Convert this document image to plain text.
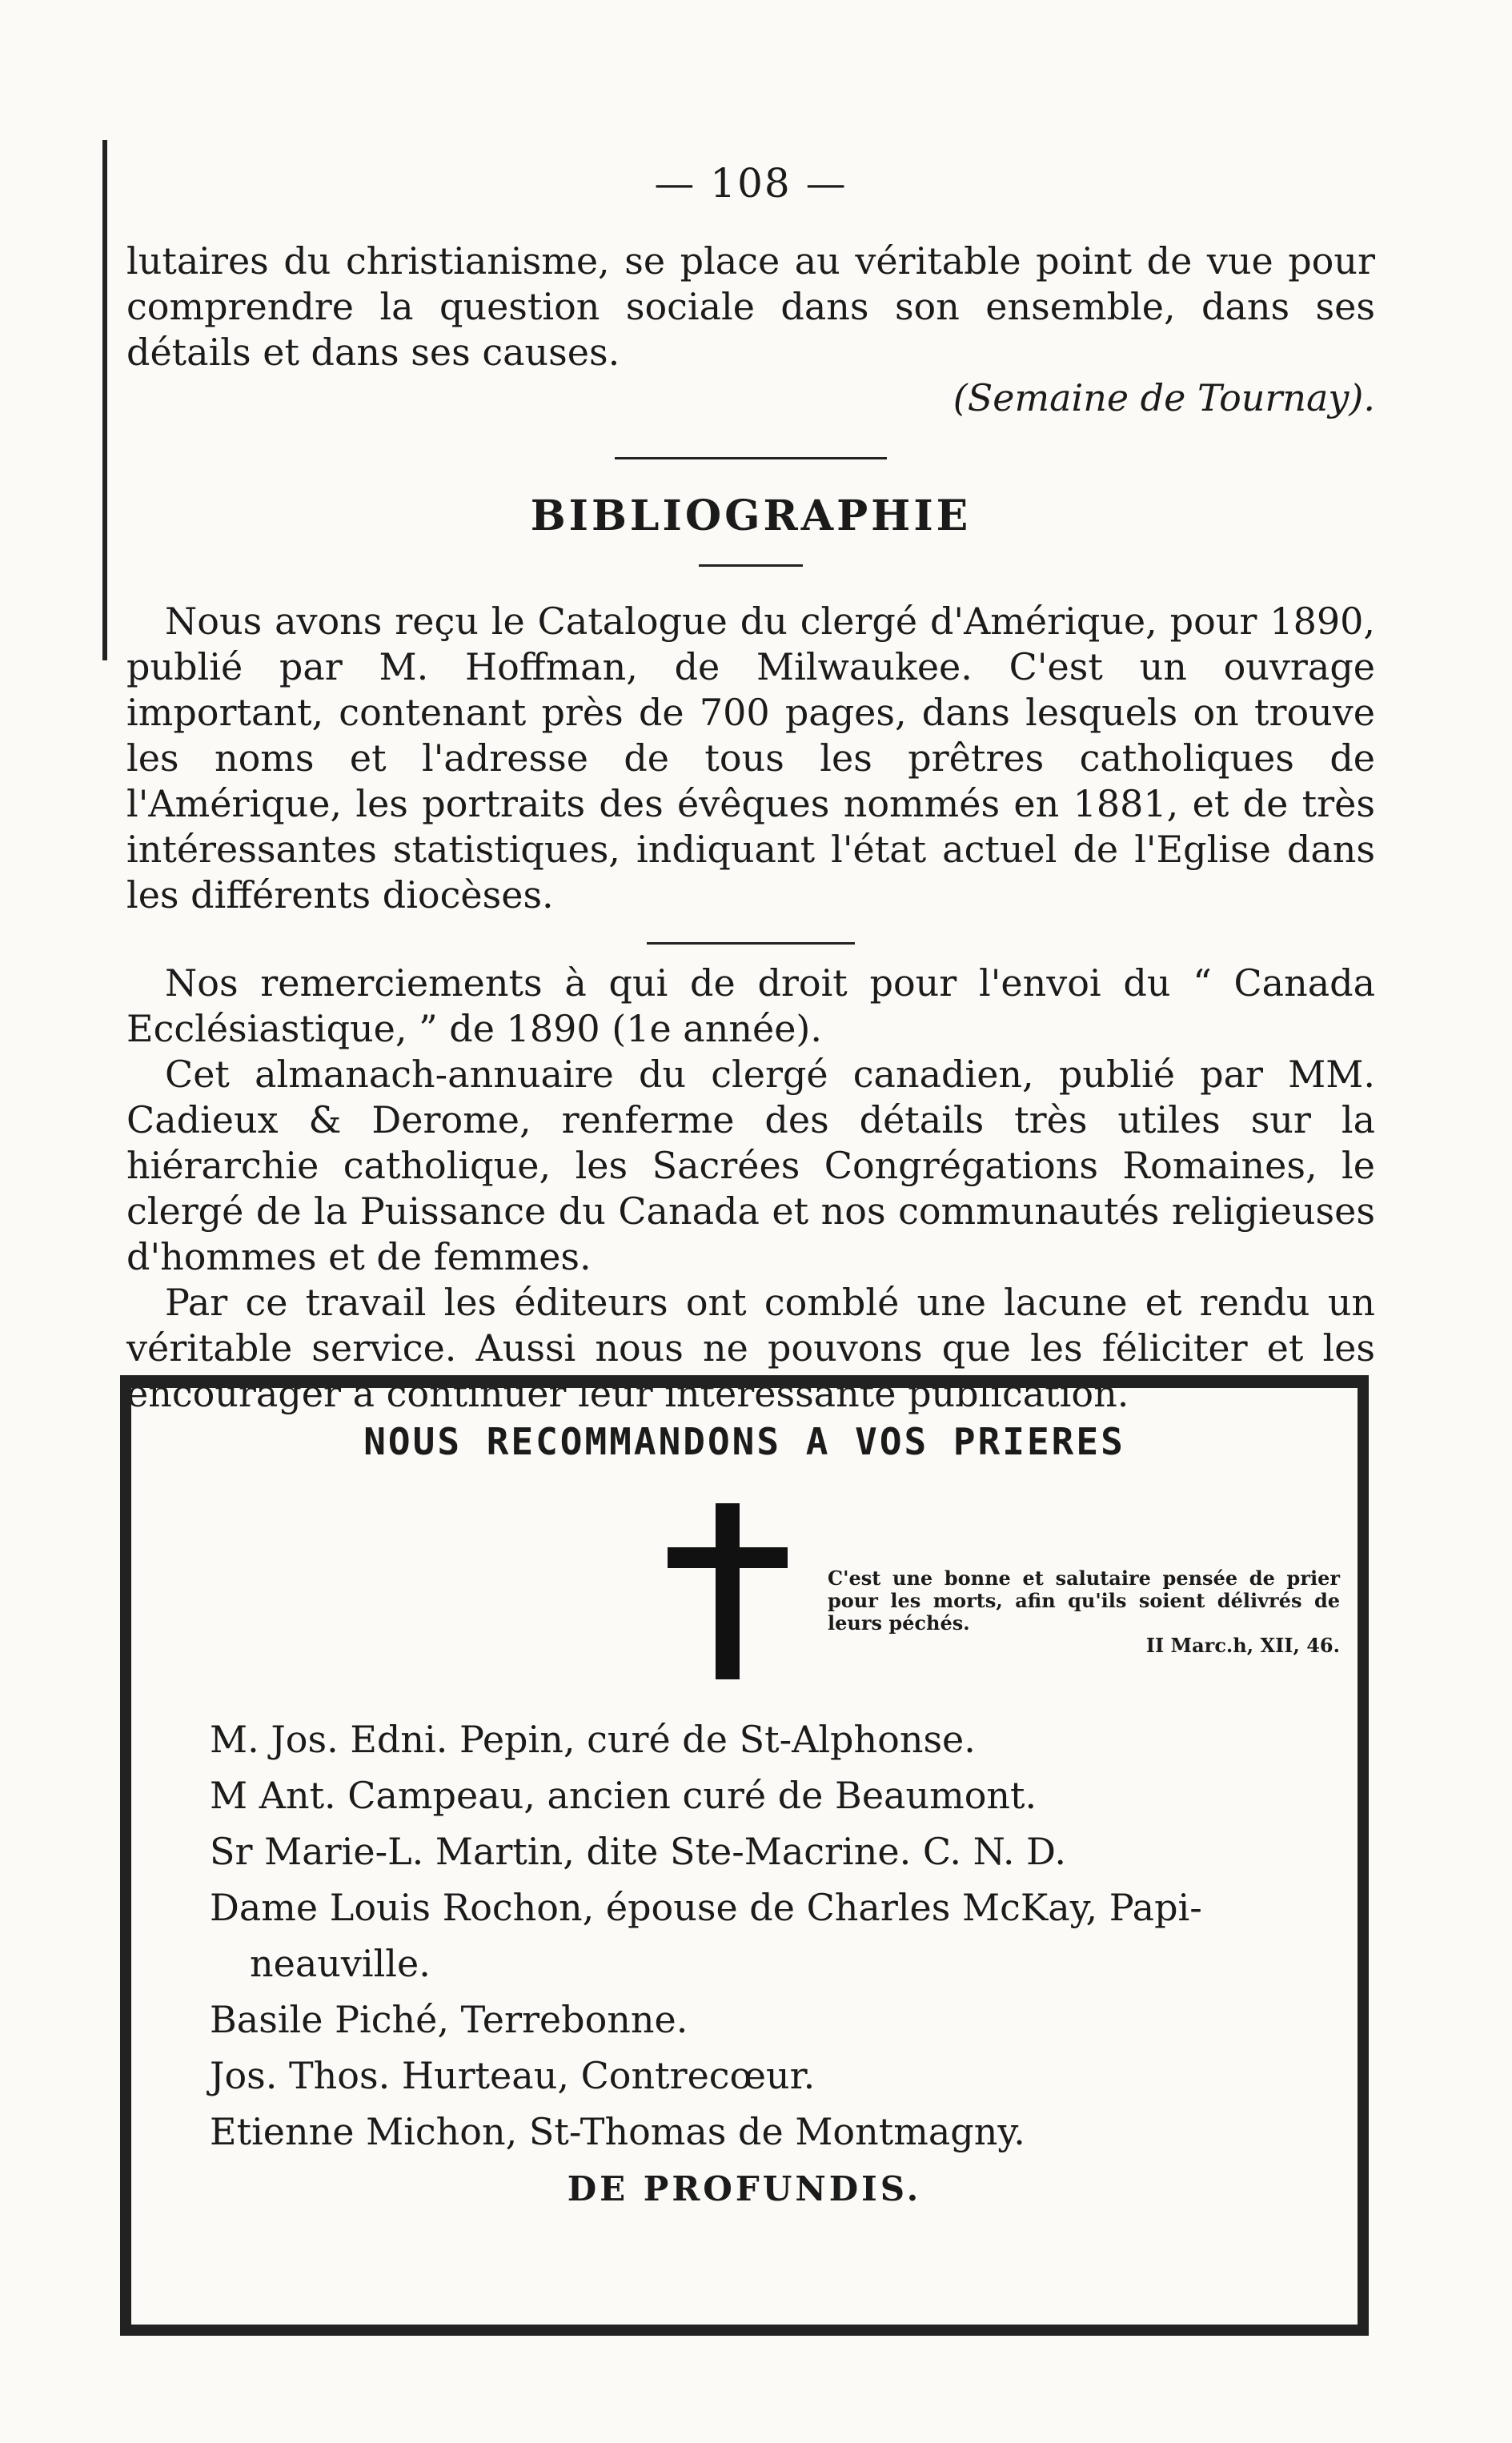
— 108 —

lutaires du christianisme, se place au véritable point de vue pour comprendre la question sociale dans son ensemble, dans ses détails et dans ses causes.
(Semaine de Tournay).

BIBLIOGRAPHIE

Nous avons reçu le Catalogue du clergé d'Amérique, pour 1890, publié par M. Hoffman, de Milwaukee. C'est un ouvrage important, contenant près de 700 pages, dans lesquels on trouve les noms et l'adresse de tous les prêtres catholiques de l'Amérique, les portraits des évêques nommés en 1881, et de très intéressantes statistiques, indiquant l'état actuel de l'Eglise dans les différents diocèses.

Nos remerciements à qui de droit pour l'envoi du “ Canada Ecclésiastique, ” de 1890 (1e année).

Cet almanach-annuaire du clergé canadien, publié par MM. Cadieux & Derome, renferme des détails très utiles sur la hiérarchie catholique, les Sacrées Congrégations Romaines, le clergé de la Puissance du Canada et nos communautés religieuses d'hommes et de femmes.

Par ce travail les éditeurs ont comblé une lacune et rendu un véritable service. Aussi nous ne pouvons que les féliciter et les encourager à continuer leur intéressante publication.

NOUS RECOMMANDONS A VOS PRIERES
C'est une bonne et salutaire pensée de prier pour les morts, afin qu'ils soient délivrés de leurs péchés.
II Marc.h, XII, 46.
M. Jos. Edni. Pepin, curé de St-Alphonse.
M Ant. Campeau, ancien curé de Beaumont.
Sr Marie-L. Martin, dite Ste-Macrine. C. N. D.
Dame Louis Rochon, épouse de Charles McKay, Papi-
neauville.
Basile Piché, Terrebonne.
Jos. Thos. Hurteau, Contrecœur.
Etienne Michon, St-Thomas de Montmagny.
DE PROFUNDIS.
